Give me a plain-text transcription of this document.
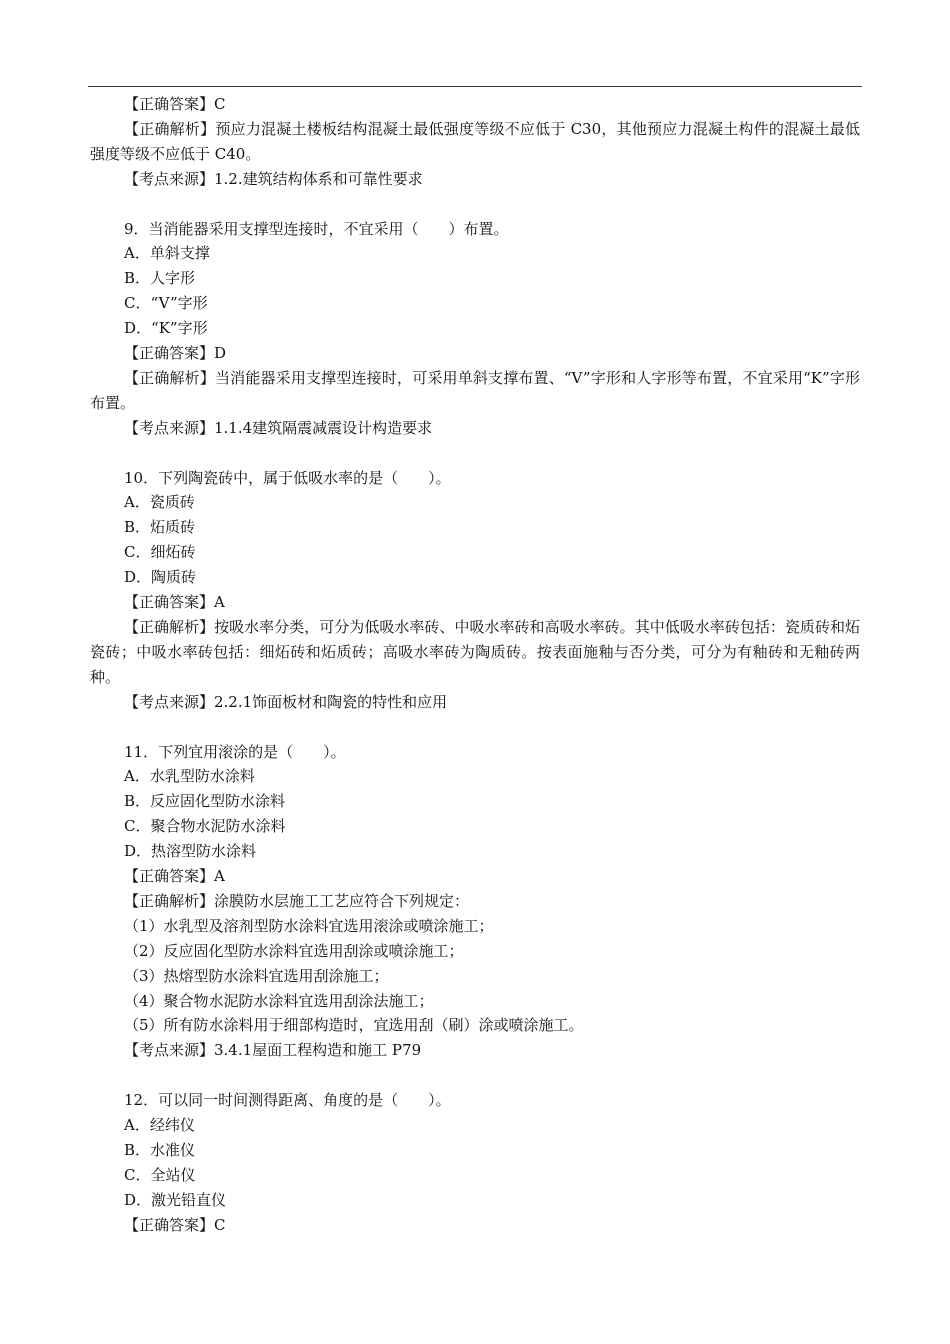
【正确答案】C
【正确解析】预应力混凝土楼板结构混凝土最低强度等级不应低于 C30，其他预应力混凝土构件的混凝土最低强度等级不应低于 C40。
【考点来源】1.2.建筑结构体系和可靠性要求
9．当消能器采用支撑型连接时，不宜采用（　　）布置。
A．单斜支撑
B．人字形
C．“V”字形
D．“K”字形
【正确答案】D
【正确解析】当消能器采用支撑型连接时，可采用单斜支撑布置、“V”字形和人字形等布置，不宜采用“K”字形布置。
【考点来源】1.1.4建筑隔震减震设计构造要求
10．下列陶瓷砖中，属于低吸水率的是（　　）。
A．瓷质砖
B．炻质砖
C．细炻砖
D．陶质砖
【正确答案】A
【正确解析】按吸水率分类，可分为低吸水率砖、中吸水率砖和高吸水率砖。其中低吸水率砖包括：瓷质砖和炻瓷砖；中吸水率砖包括：细炻砖和炻质砖；高吸水率砖为陶质砖。按表面施釉与否分类，可分为有釉砖和无釉砖两种。
【考点来源】2.2.1饰面板材和陶瓷的特性和应用
11．下列宜用滚涂的是（　　）。
A．水乳型防水涂料
B．反应固化型防水涂料
C．聚合物水泥防水涂料
D．热溶型防水涂料
【正确答案】A
【正确解析】涂膜防水层施工工艺应符合下列规定：
（1）水乳型及溶剂型防水涂料宜选用滚涂或喷涂施工；
（2）反应固化型防水涂料宜选用刮涂或喷涂施工；
（3）热熔型防水涂料宜选用刮涂施工；
（4）聚合物水泥防水涂料宜选用刮涂法施工；
（5）所有防水涂料用于细部构造时，宜选用刮（刷）涂或喷涂施工。
【考点来源】3.4.1屋面工程构造和施工 P79
12．可以同一时间测得距离、角度的是（　　）。
A．经纬仪
B．水准仪
C．全站仪
D．激光铅直仪
【正确答案】C
